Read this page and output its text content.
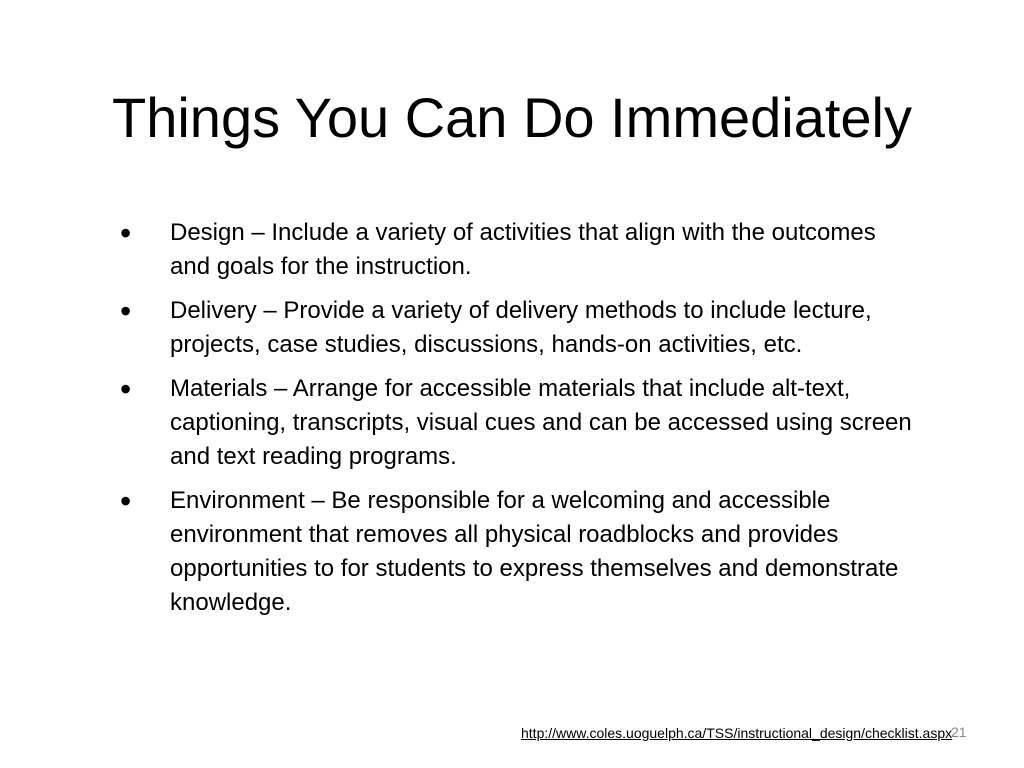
Things You Can Do Immediately
•	Design – Include a variety of activities that align with the outcomes and goals for the instruction.
•	Delivery – Provide a variety of delivery methods to include lecture, projects, case studies, discussions, hands-on activities, etc.
•	Materials – Arrange for accessible materials that include alt-text, captioning, transcripts, visual cues and can be accessed using screen and text reading programs.
•	Environment – Be responsible for a welcoming and accessible environment that removes all physical roadblocks and provides opportunities to for students to express themselves and demonstrate knowledge.
http://www.coles.uoguelph.ca/TSS/instructional_design/checklist.aspx
21
